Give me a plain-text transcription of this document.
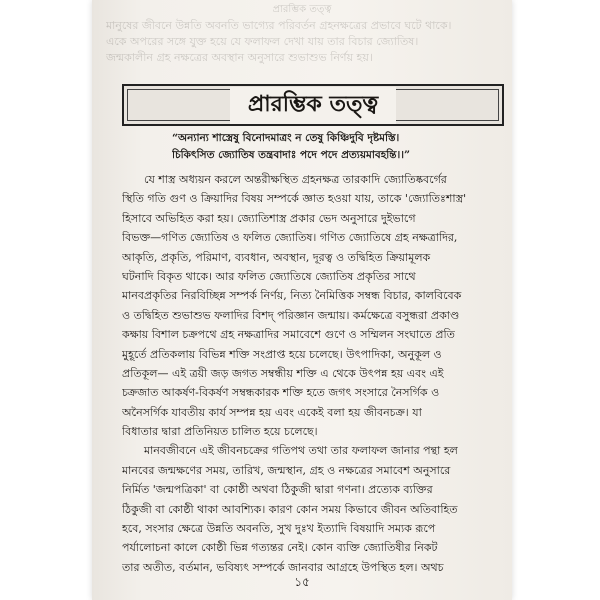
প্রারম্ভিক তত্ত্ব
মানুষের জীবনে উন্নতি অবনতি ভাগ্যের পরিবর্তন গ্রহনক্ষত্রের প্রভাবে ঘটে থাকে।
একে অপরের সঙ্গে যুক্ত হয়ে যে ফলাফল দেখা যায় তার বিচার জ্যোতিষ।
জন্মকালীন গ্রহ নক্ষত্রের অবস্থান অনুসারে শুভাশুভ নির্ণয় হয়।
প্রারম্ভিক তত্ত্ব
“অন্যান্য শাস্ত্রেষু বিনোদমাত্রং ন তেষু কিঞ্চিদুবি দৃষ্টমস্তি।
চিকিৎসিত জ্যোতিষ তন্ত্রবাদাঃ পদে পদে প্রত্যয়মাবহন্তি।।”
যে শাস্ত্র অধ্যয়ন করলে অন্তরীক্ষস্থিত গ্রহনক্ষত্র তারকাদি জ্যোতিষ্কবর্গের
স্থিতি গতি গুণ ও ক্রিয়াদির বিষয় সম্পর্কে জ্ঞাত হওয়া যায়, তাকে 'জ্যোতিঃশাস্ত্র'
হিসাবে অভিহিত করা হয়। জ্যোতিশাস্ত্র প্রকার ভেদ অনুসারে দুইভাগে
বিভক্ত—গণিত জ্যোতিষ ও ফলিত জ্যোতিষ। গণিত জ্যোতিষে গ্রহ নক্ষত্রাদির,
আকৃতি, প্রকৃতি, পরিমাণ, ব্যবধান, অবস্থান, দূরত্ব ও তদ্বিহিত ক্রিয়ামূলক
ঘটনাদি বিকৃত থাকে। আর ফলিত জ্যোতিষে জ্যোতিষ প্রকৃতির সাথে
মানবপ্রকৃতির নিরবিচ্ছিন্ন সম্পর্ক নির্ণয়, নিত্য নৈমিত্তিক সম্বন্ধ বিচার, কালবিবেক
ও তদ্বিহিত শুভাশুভ ফলাদির বিশদ্ পরিজ্ঞান জন্মায়। কর্মক্ষেত্রে বসুন্ধরা প্রকাণ্ড
কক্ষায় বিশাল চক্রপথে গ্রহ নক্ষত্রাদির সমাবেশে গুণে ও সম্মিলন সংঘাতে প্রতি
মুহূর্তে প্রতিকলায় বিভিন্ন শক্তি সংপ্রাপ্ত হয়ে চলেছে। উৎপাদিকা, অনুকূল ও
প্রতিকূল— এই ত্রয়ী জড় জগত সম্বন্ধীয় শক্তি এ থেকে উৎপন্ন হয় এবং এই
চক্রজাত আকর্ষণ-বিকর্ষণ সম্বন্ধকারক শক্তি হতে জগৎ সংসারে নৈসর্গিক ও
অনৈসর্গিক যাবতীয় কার্য সম্পন্ন হয় এবং একেই বলা হয় জীবনচক্র। যা
বিধাতার দ্বারা প্রতিনিয়ত চালিত হয়ে চলেছে।
মানবজীবনে এই জীবনচক্রের গতিপথ তথা তার ফলাফল জানার পন্থা হল
মানবের জন্মক্ষণের সময়, তারিখ, জন্মস্থান, গ্রহ ও নক্ষত্রের সমাবেশ অনুসারে
নির্মিত 'জন্মপত্রিকা' বা কোষ্ঠী অথবা ঠিকুজী দ্বারা গণনা। প্রত্যেক ব্যক্তির
ঠিকুজী বা কোষ্ঠী থাকা আবশ্যিক। কারণ কোন সময় কিভাবে জীবন অতিবাহিত
হবে, সংসার ক্ষেত্রে উন্নতি অবনতি, সুখ দুঃখ ইত্যাদি বিষয়াদি সম্যক রূপে
পর্যালোচনা কালে কোষ্ঠী ভিন্ন গত্যন্তর নেই। কোন ব্যক্তি জ্যোতিষীর নিকট
তার অতীত, বর্তমান, ভবিষ্যৎ সম্পর্কে জানবার আগ্রহে উপস্থিত হল। অথচ
১৫
